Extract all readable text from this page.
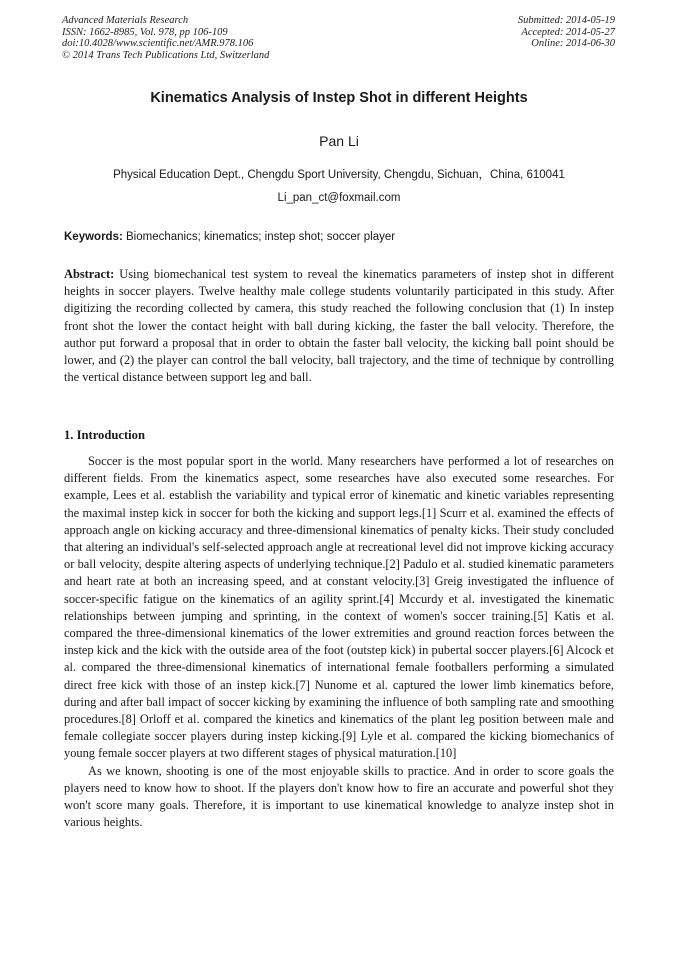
Advanced Materials Research
ISSN: 1662-8985, Vol. 978, pp 106-109
doi:10.4028/www.scientific.net/AMR.978.106
© 2014 Trans Tech Publications Ltd, Switzerland
Submitted: 2014-05-19
Accepted: 2014-05-27
Online: 2014-06-30
Kinematics Analysis of Instep Shot in different Heights
Pan Li
Physical Education Dept., Chengdu Sport University, Chengdu, Sichuan，China, 610041
Li_pan_ct@foxmail.com
Keywords: Biomechanics; kinematics; instep shot; soccer player
Abstract: Using biomechanical test system to reveal the kinematics parameters of instep shot in different heights in soccer players. Twelve healthy male college students voluntarily participated in this study. After digitizing the recording collected by camera, this study reached the following conclusion that (1) In instep front shot the lower the contact height with ball during kicking, the faster the ball velocity. Therefore, the author put forward a proposal that in order to obtain the faster ball velocity, the kicking ball point should be lower, and (2) the player can control the ball velocity, ball trajectory, and the time of technique by controlling the vertical distance between support leg and ball.
1. Introduction

Soccer is the most popular sport in the world. Many researchers have performed a lot of researches on different fields. From the kinematics aspect, some researches have also executed some researches. For example, Lees et al. establish the variability and typical error of kinematic and kinetic variables representing the maximal instep kick in soccer for both the kicking and support legs.[1] Scurr et al. examined the effects of approach angle on kicking accuracy and three-dimensional kinematics of penalty kicks. Their study concluded that altering an individual's self-selected approach angle at recreational level did not improve kicking accuracy or ball velocity, despite altering aspects of underlying technique.[2] Padulo et al. studied kinematic parameters and heart rate at both an increasing speed, and at constant velocity.[3] Greig investigated the influence of soccer-specific fatigue on the kinematics of an agility sprint.[4] Mccurdy et al. investigated the kinematic relationships between jumping and sprinting, in the context of women's soccer training.[5] Katis et al. compared the three-dimensional kinematics of the lower extremities and ground reaction forces between the instep kick and the kick with the outside area of the foot (outstep kick) in pubertal soccer players.[6] Alcock et al. compared the three-dimensional kinematics of international female footballers performing a simulated direct free kick with those of an instep kick.[7] Nunome et al. captured the lower limb kinematics before, during and after ball impact of soccer kicking by examining the influence of both sampling rate and smoothing procedures.[8] Orloff et al. compared the kinetics and kinematics of the plant leg position between male and female collegiate soccer players during instep kicking.[9] Lyle et al. compared the kicking biomechanics of young female soccer players at two different stages of physical maturation.[10]

As we known, shooting is one of the most enjoyable skills to practice. And in order to score goals the players need to know how to shoot. If the players don't know how to fire an accurate and powerful shot they won't score many goals. Therefore, it is important to use kinematical knowledge to analyze instep shot in various heights.
